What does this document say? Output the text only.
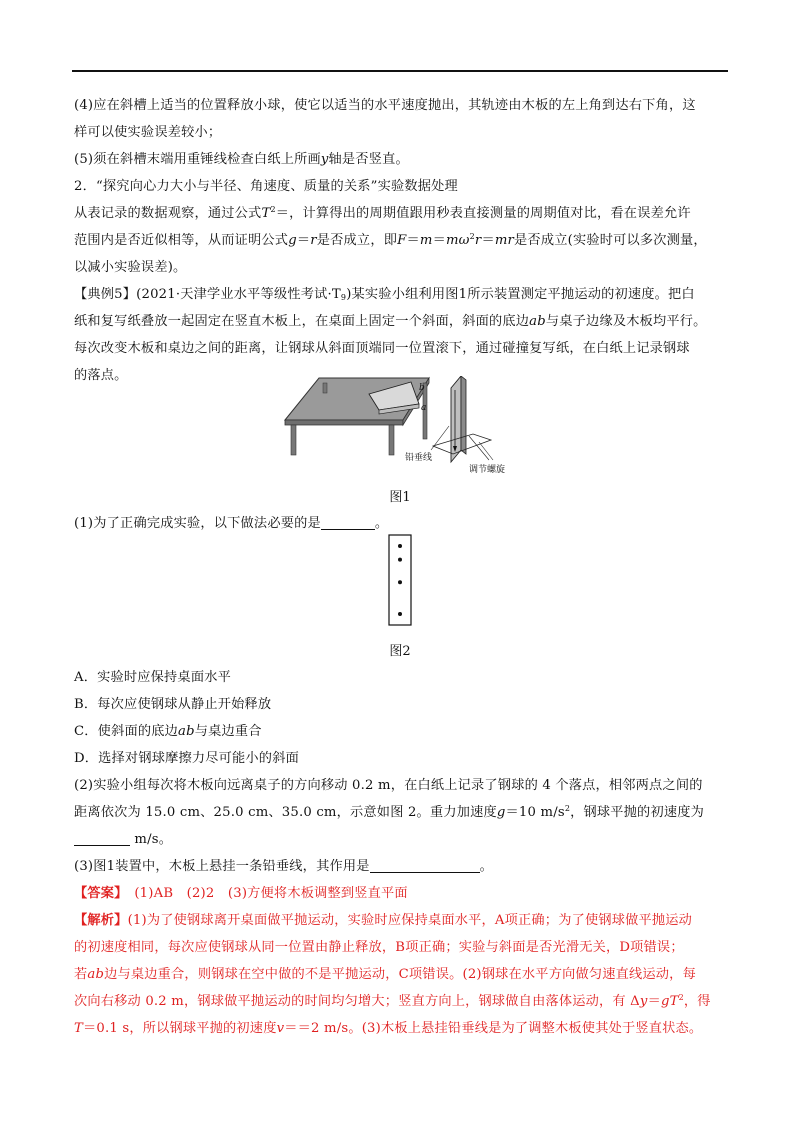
(4)应在斜槽上适当的位置释放小球，使它以适当的水平速度抛出，其轨迹由木板的左上角到达右下角，这

样可以使实验误差较小；

(5)须在斜槽末端用重锤线检查白纸上所画y轴是否竖直。

2．“探究向心力大小与半径、角速度、质量的关系”实验数据处理

从表记录的数据观察，通过公式$T^2=$，计算得出的周期值跟用秒表直接测量的周期值对比，看在误差允许

范围内是否近似相等，从而证明公式g＝r是否成立，即$F=m=m\omega^2r=mr$是否成立(实验时可以多次测量，

以减小实验误差)。

【典例5】(2021·天津学业水平等级性考试$\cdot T_9$)某实验小组利用图1所示装置测定平抛运动的初速度。把白

纸和复写纸叠放一起固定在竖直木板上，在桌面上固定一个斜面，斜面的底边ab与桌子边缘及木板均平行。

每次改变木板和桌边之间的距离，让钢球从斜面顶端同一位置滚下，通过碰撞复写纸，在白纸上记录钢球

的落点。

b
a
铅垂线
调节螺旋
图1

(1)为了正确完成实验，以下做法必要的是	。

图2

A．实验时应保持桌面水平

B．每次应使钢球从静止开始释放

C．使斜面的底边ab与桌边重合

D．选择对钢球摩擦力尽可能小的斜面

(2)实验小组每次将木板向远离桌子的方向移动 0.2 m，在白纸上记录了钢球的 4 个落点，相邻两点之间的

距离依次为 15.0 cm、25.0 cm、35.0 cm，示意如图 2。重力加速度g＝10 $m/s^2$，钢球平抛的初速度为

m/s。

(3)图1装置中，木板上悬挂一条铅垂线，其作用是	。

【答案】　(1)AB　(2)2　(3)方便将木板调整到竖直平面

【解析】(1)为了使钢球离开桌面做平抛运动，实验时应保持桌面水平，A项正确；为了使钢球做平抛运动

的初速度相同，每次应使钢球从同一位置由静止释放，B项正确；实验与斜面是否光滑无关，D项错误；

若ab边与桌边重合，则钢球在空中做的不是平抛运动，C项错误。(2)钢球在水平方向做匀速直线运动，每

次向右移动 0.2 m，钢球做平抛运动的时间均匀增大；竖直方向上，钢球做自由落体运动，有 $\Delta y=gT^2$，得

T＝0.1 s，所以钢球平抛的初速度v＝＝2 m/s。(3)木板上悬挂铅垂线是为了调整木板使其处于竖直状态。
